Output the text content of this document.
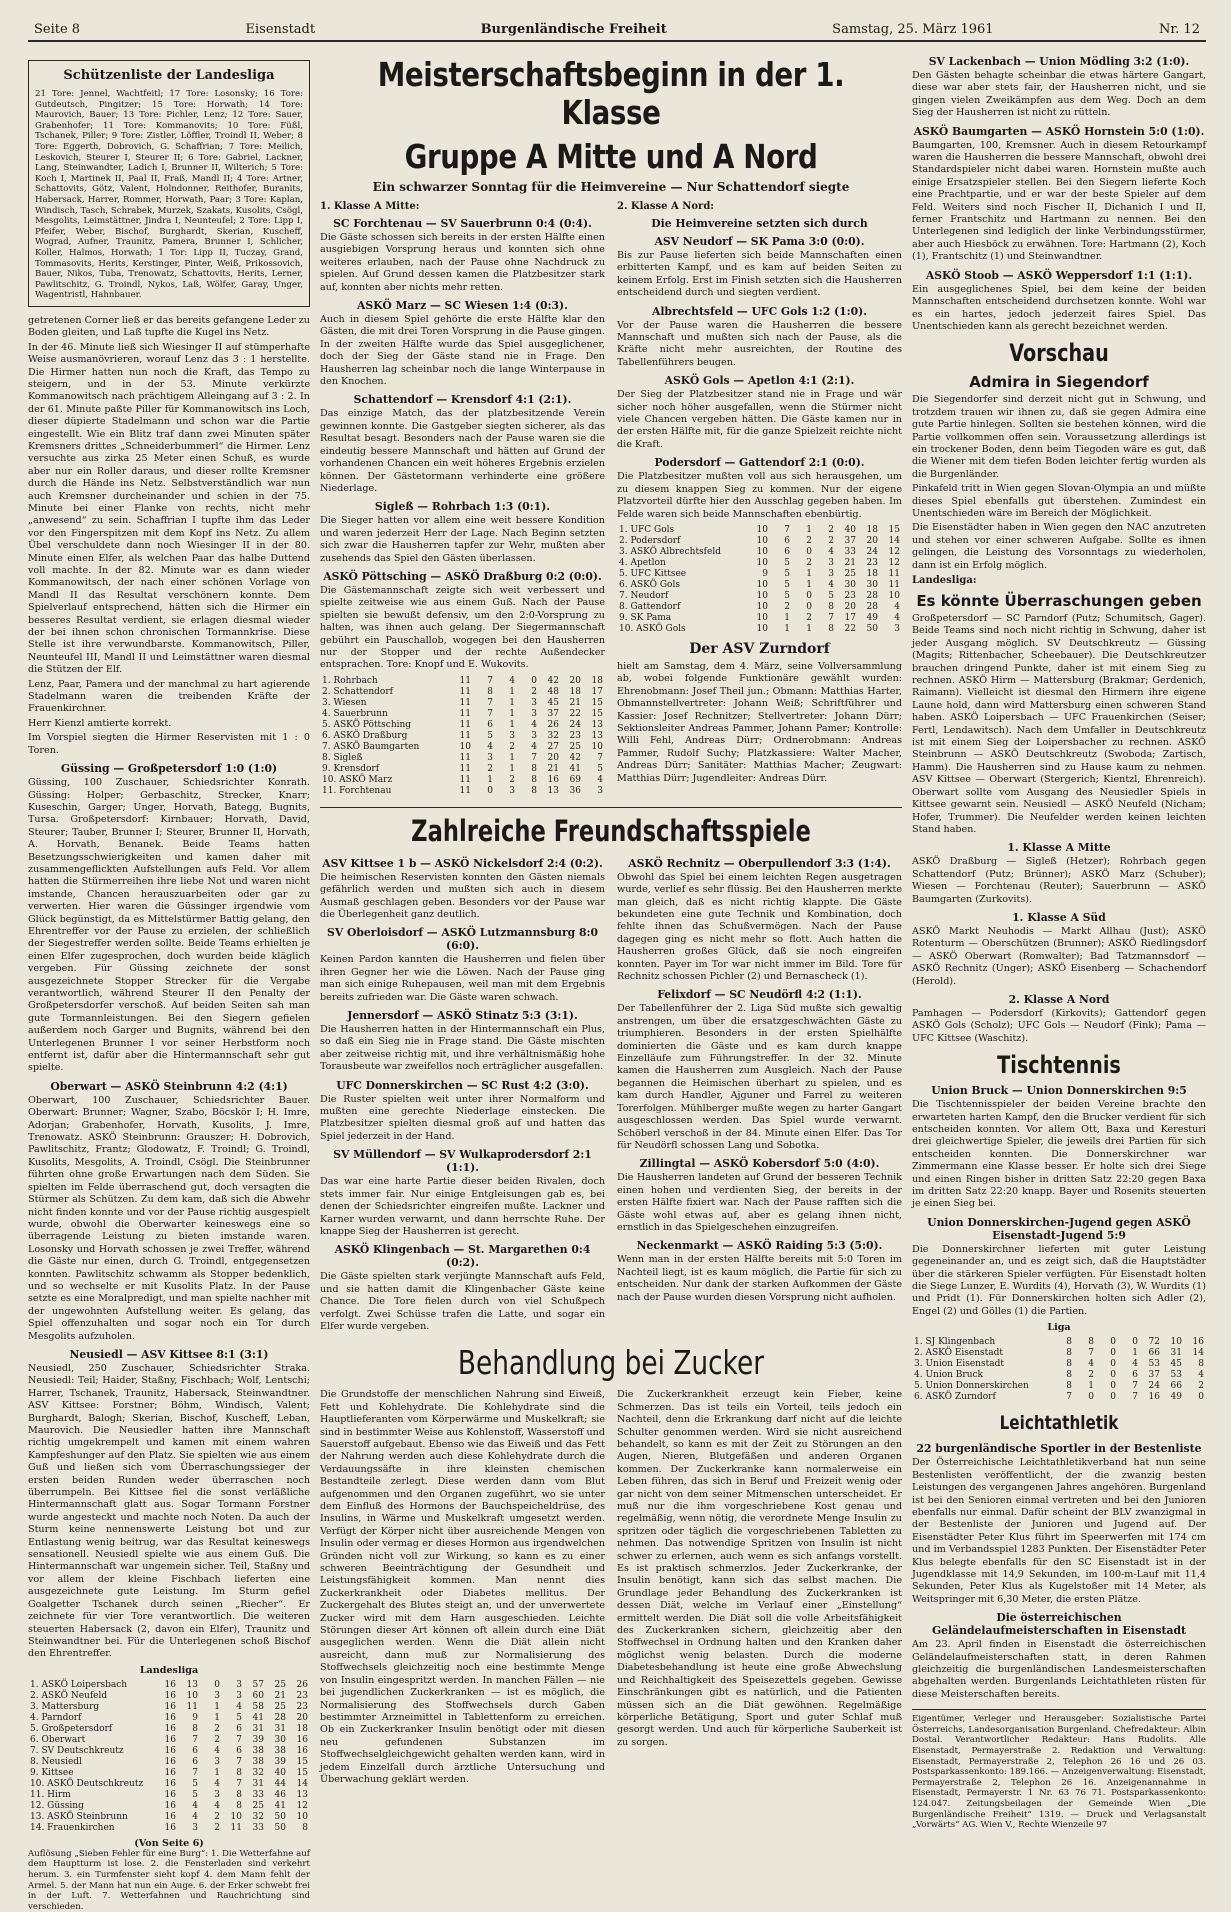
Seite 8	Eisenstadt	Burgenländische Freiheit	Samstag, 25. März 1961	Nr. 12
Schützenliste der Landesliga
21 Tore: Jennel, Wachtfeitl; 17 Tore: Losonsky; 16 Tore: Gutdeutsch, Pingitzer; 15 Tore: Horwath; 14 Tore: Maurovich, Bauer; 13 Tore: Pichler, Lenz; 12 Tore: Sauer, Grabenhofer; 11 Tore: Kommanovits; 10 Tore: Füßl, Tschanek, Piller; 9 Tore: Zistler, Löffler, Troindl II, Weber; 8 Tore: Eggerth, Dobrovich, G. Schaffrian; 7 Tore: Meilich, Leskovich, Steurer I, Steurer II; 6 Tore: Gabriel, Lackner, Lang, Steinwandter, Ladich I, Brunner II, Wilterich; 5 Tore: Koch I, Martinek II, Paal II, Fraß, Mandl II; 4 Tore: Artner, Schattovits, Götz, Valent, Holndonner, Reithofer, Buranits, Habersack, Harrer, Rommer, Horwath, Paar; 3 Tore: Kaplan, Windisch, Tasch, Schrabek, Murzek, Szakats, Kusolits, Csögl, Mesgolits, Leimstättner, Jindra I, Neunteufel; 2 Tore: Lipp I, Pfeifer, Weber, Bischof, Burghardt, Skerian, Kuscheff, Wograd, Aufner, Traunitz, Pamera, Brunner I, Schlicher, Koller, Halmos, Horwath; 1 Tor: Lipp II, Tuczay, Grand, Tommasovits, Herits, Kerstinger, Pinter, Weiß, Prikossovich, Bauer, Nikos, Tuba, Trenowatz, Schattovits, Herits, Lerner, Pawlitschitz, G. Troindl, Nykos, Laß, Wölfer, Garay, Unger, Wagentristl, Hahnbauer.

getretenen Corner ließ er das bereits gefangene Leder zu Boden gleiten, und Laß tupfte die Kugel ins Netz.

In der 46. Minute ließ sich Wiesinger II auf stümperhafte Weise ausmanövrieren, worauf Lenz das 3 : 1 herstellte. Die Hirmer hatten nun noch die Kraft, das Tempo zu steigern, und in der 53. Minute verkürzte Kommanowitsch nach prächtigem Alleingang auf 3 : 2. In der 61. Minute paßte Piller für Kommanowitsch ins Loch, dieser düpierte Stadelmann und schon war die Partie eingestellt. Wie ein Blitz traf dann zwei Minuten später Kremsners drittes „Schneiderbummerl“ die Hirmer. Lenz versuchte aus zirka 25 Meter einen Schuß, es wurde aber nur ein Roller daraus, und dieser rollte Kremsner durch die Hände ins Netz. Selbstverständlich war nun auch Kremsner durcheinander und schien in der 75. Minute bei einer Flanke von rechts, nicht mehr „anwesend“ zu sein. Schaffrian I tupfte ihm das Leder vor den Fingerspitzen mit dem Kopf ins Netz. Zu allem Übel verschuldete dann noch Wiesinger II in der 80. Minute einen Elfer, als welchen Paar das halbe Duttend voll machte. In der 82. Minute war es dann wieder Kommanowitsch, der nach einer schönen Vorlage von Mandl II das Resultat verschönern konnte. Dem Spielverlauf entsprechend, hätten sich die Hirmer ein besseres Resultat verdient, sie erlagen diesmal wieder der bei ihnen schon chronischen Tormannkrise. Diese Stelle ist ihre verwundbarste. Kommanowitsch, Piller, Neunteufel III, Mandl II und Leimstättner waren diesmal die Stützen der Elf.

Lenz, Paar, Pamera und der manchmal zu hart agierende Stadelmann waren die treibenden Kräfte der Frauenkirchner.

Herr Kienzl amtierte korrekt.

Im Vorspiel siegten die Hirmer Reservisten mit 1 : 0 Toren.

Güssing — Großpetersdorf 1:0 (1:0)

Güssing, 100 Zuschauer, Schiedsrichter Konrath. Güssing: Holper; Gerbaschitz, Strecker, Knarr; Kuseschin, Garger; Unger, Horvath, Bategg, Bugnits, Tursa. Großpetersdorf: Kirnbauer; Horvath, David, Steurer; Tauber, Brunner I; Steurer, Brunner II, Horvath, A. Horvath, Benanek. Beide Teams hatten Besetzungsschwierigkeiten und kamen daher mit zusammengeflickten Aufstellungen aufs Feld. Vor allem hatten die Stürmerreihen ihre liebe Not und waren nicht imstande, Chancen herauszuarbeiten oder gar zu verwerten. Hier waren die Güssinger irgendwie vom Glück begünstigt, da es Mittelstürmer Battig gelang, den Ehrentreffer vor der Pause zu erzielen, der schließlich der Siegestreffer werden sollte. Beide Teams erhielten je einen Elfer zugesprochen, doch wurden beide kläglich vergeben. Für Güssing zeichnete der sonst ausgezeichnete Stopper Strecker für die Vergabe verantwortlich, während Steurer II den Penalty der Großpetersdorfer verschoß. Auf beiden Seiten sah man gute Tormannleistungen. Bei den Siegern gefielen außerdem noch Garger und Bugnits, während bei den Unterlegenen Brunner I vor seiner Herbstform noch entfernt ist, dafür aber die Hintermannschaft sehr gut spielte.

Oberwart — ASKÖ Steinbrunn 4:2 (4:1)

Oberwart, 100 Zuschauer, Schiedsrichter Bauer. Oberwart: Brunner; Wagner, Szabo, Böcskör I; H. Imre, Adorjan; Grabenhofer, Horvath, Kusolits, J. Imre, Trenowatz. ASKÖ Steinbrunn: Grauszer; H. Dobrovich, Pawlitschitz, Frantz; Glodowatz, F. Troindl; G. Troindl, Kusolits, Mesgolits, A. Troindl, Csögl. Die Steinbrunner führten ohne große Erwartungen nach dem Süden. Sie spielten im Felde überraschend gut, doch versagten die Stürmer als Schützen. Zu dem kam, daß sich die Abwehr nicht finden konnte und vor der Pause richtig ausgespielt wurde, obwohl die Oberwarter keineswegs eine so überragende Leistung zu bieten imstande waren. Losonsky und Horvath schossen je zwei Treffer, während die Gäste nur einen, durch G. Troindl, entgegensetzen konnten. Pawlitschitz schwamm als Stopper bedenklich, und so wechselte er mit Kusolits Platz. In der Pause setzte es eine Moralpredigt, und man spielte nachher mit der ungewohnten Aufstellung weiter. Es gelang, das Spiel offenzuhalten und sogar noch ein Tor durch Mesgolits aufzuholen.

Neusiedl — ASV Kittsee 8:1 (3:1)

Neusiedl, 250 Zuschauer, Schiedsrichter Straka. Neusiedl: Teil; Haider, Staßny, Fischbach; Wolf, Lentschi; Harrer, Tschanek, Traunitz, Habersack, Steinwandtner. ASV Kittsee: Forstner; Böhm, Windisch, Valent; Burghardt, Balogh; Skerian, Bischof, Kuscheff, Leban, Maurovich. Die Neusiedler hatten ihre Mannschaft richtig umgekrempelt und kamen mit einem wahren Kampfeshunger auf den Platz. Sie spielten wie aus einem Guß und ließen sich vom Überraschungssieger der ersten beiden Runden weder überraschen noch überrumpeln. Bei Kittsee fiel die sonst verläßliche Hintermannschaft glatt aus. Sogar Tormann Forstner wurde angesteckt und machte noch Noten. Da auch der Sturm keine nennenswerte Leistung bot und zur Entlastung wenig beitrug, war das Resultat keineswegs sensationell. Neusiedl spielte wie aus einem Guß. Die Hintermannschaft war ungemein sicher. Teil, Staßny und vor allem der kleine Fischbach lieferten eine ausgezeichnete gute Leistung. Im Sturm gefiel Goalgetter Tschanek durch seinen „Riecher“. Er zeichnete für vier Tore verantwortlich. Die weiteren steuerten Habersack (2, davon ein Elfer), Traunitz und Steinwandtner bei. Für die Unterlegenen schoß Bischof den Ehrentreffer.

Landesliga
1. ASKÖ Loipersbach	16	13	0	3	57	25	26
2. ASKÖ Neufeld	16	10	3	3	60	21	23
3. Mattersburg	16	11	1	4	58	25	23
4. Parndorf	16	9	1	5	41	28	20
5. Großpetersdorf	16	8	2	6	31	31	18
6. Oberwart	16	7	2	7	39	30	16
7. SV Deutschkreutz	16	6	4	6	38	38	16
8. Neusiedl	16	6	3	7	38	39	15
9. Kittsee	16	7	1	8	32	40	15
10. ASKÖ Deutschkreutz	16	5	4	7	31	44	14
11. Hirm	16	5	3	8	33	46	13
12. Güssing	16	4	4	8	25	41	12
13. ASKÖ Steinbrunn	16	4	2	10	32	50	10
14. Frauenkirchen	16	3	2	11	33	50	8
(Von Seite 6)

Auflösung „Sieben Fehler für eine Burg“: 1. Die Wetterfahne auf dem Hauptturm ist lose. 2. die Fensterladen sind verkehrt herum. 3. ein Turmfenster sieht kopf 4. dem Mann fehlt der Armel. 5. der Mann hat nun ein Auge. 6. der Erker schwebt frei in der Luft. 7. Wetterfahnen und Rauchrichtung sind verschieden.

Meisterschaftsbeginn in der 1. Klasse
Gruppe A Mitte und A Nord
Ein schwarzer Sonntag für die Heimvereine — Nur Schattendorf siegte
1. Klasse A Mitte:
SC Forchtenau — SV Sauerbrunn 0:4 (0:4).

Die Gäste schossen sich bereits in der ersten Hälfte einen ausgiebigen Vorsprung heraus und konnten sich ohne weiteres erlauben, nach der Pause ohne Nachdruck zu spielen. Auf Grund dessen kamen die Platzbesitzer stark auf, konnten aber nichts mehr retten.

ASKÖ Marz — SC Wiesen 1:4 (0:3).

Auch in diesem Spiel gehörte die erste Hälfte klar den Gästen, die mit drei Toren Vorsprung in die Pause gingen. In der zweiten Hälfte wurde das Spiel ausgeglichener, doch der Sieg der Gäste stand nie in Frage. Den Hausherren lag scheinbar noch die lange Winterpause in den Knochen.

Schattendorf — Krensdorf 4:1 (2:1).

Das einzige Match, das der platzbesitzende Verein gewinnen konnte. Die Gastgeber siegten sicherer, als das Resultat besagt. Besonders nach der Pause waren sie die eindeutig bessere Mannschaft und hätten auf Grund der vorhandenen Chancen ein weit höheres Ergebnis erzielen können. Der Gästetormann verhinderte eine größere Niederlage.

Sigleß — Rohrbach 1:3 (0:1).

Die Sieger hatten vor allem eine weit bessere Kondition und waren jederzeit Herr der Lage. Nach Beginn setzten sich zwar die Hausherren tapfer zur Wehr, mußten aber zusehends das Spiel den Gästen überlassen.

ASKÖ Pöttsching — ASKÖ Draßburg 0:2 (0:0).

Die Gästemannschaft zeigte sich weit verbessert und spielte zeitweise wie aus einem Guß. Nach der Pause spielten sie bewußt defensiv, um den 2:0-Vorsprung zu halten, was ihnen auch gelang. Der Siegermannschaft gebührt ein Pauschallob, wogegen bei den Hausherren nur der Stopper und der rechte Außendecker entsprachen. Tore: Knopf und E. Wukovits.

1. Rohrbach	11	7	4	0	42	20	18
2. Schattendorf	11	8	1	2	48	18	17
3. Wiesen	11	7	1	3	45	21	15
4. Sauerbrunn	11	7	1	3	37	22	15
5. ASKÖ Pöttsching	11	6	1	4	26	24	13
6. ASKÖ Draßburg	11	5	3	3	32	23	13
7. ASKÖ Baumgarten	10	4	2	4	27	25	10
8. Sigleß	11	3	1	7	20	42	7
9. Krensdorf	11	2	1	8	21	41	5
10. ASKÖ Marz	11	1	2	8	16	69	4
11. Forchtenau	11	0	3	8	13	36	3
2. Klasse A Nord:
Die Heimvereine setzten sich durch
ASV Neudorf — SK Pama 3:0 (0:0).

Bis zur Pause lieferten sich beide Mannschaften einen erbitterten Kampf, und es kam auf beiden Seiten zu keinem Erfolg. Erst im Finish setzten sich die Hausherren entscheidend durch und siegten verdient.

Albrechtsfeld — UFC Gols 1:2 (1:0).

Vor der Pause waren die Hausherren die bessere Mannschaft und mußten sich nach der Pause, als die Kräfte nicht mehr ausreichten, der Routine des Tabellenführers beugen.

ASKÖ Gols — Apetlon 4:1 (2:1).

Der Sieg der Platzbesitzer stand nie in Frage und wär sicher noch höher ausgefallen, wenn die Stürmer nicht viele Chancen vergeben hätten. Die Gäste kamen nur in der ersten Hälfte mit, für die ganze Spielzeit reichte nicht die Kraft.

Podersdorf — Gattendorf 2:1 (0:0).

Die Platzbesitzer mußten voll aus sich herausgehen, um zu diesem knappen Sieg zu kommen. Nur der eigene Platzvorteil dürfte hier den Ausschlag gegeben haben. Im Felde waren sich beide Mannschaften ebenbürtig.

1. UFC Gols	10	7	1	2	40	18	15
2. Podersdorf	10	6	2	2	37	20	14
3. ASKÖ Albrechtsfeld	10	6	0	4	33	24	12
4. Apetlon	10	5	2	3	21	23	12
5. UFC Kittsee	9	5	1	3	25	18	11
6. ASKÖ Gols	10	5	1	4	30	30	11
7. Neudorf	10	5	0	5	23	28	10
8. Gattendorf	10	2	0	8	20	28	4
9. SK Pama	10	1	2	7	17	49	4
10. ASKÖ Gols	10	1	1	8	22	50	3
Der ASV Zurndorf

hielt am Samstag, dem 4. März, seine Vollversammlung ab, wobei folgende Funktionäre gewählt wurden: Ehrenobmann: Josef Theil jun.; Obmann: Matthias Harter, Obmannstellvertreter: Johann Weiß; Schriftführer und Kassier: Josef Rechnitzer; Stellvertreter: Johann Dürr; Sektionsleiter Andreas Pammer, Johann Pamer; Kontrolle: Willi Fehl, Andreas Dürr; Ordnerobmann: Andreas Pammer, Rudolf Suchy; Platzkassiere: Walter Macher, Andreas Dürr; Sanitäter: Matthias Macher; Zeugwart: Matthias Dürr; Jugendleiter: Andreas Dürr.

Zahlreiche Freundschaftsspiele
ASV Kittsee 1 b — ASKÖ Nickelsdorf 2:4 (0:2).

Die heimischen Reservisten konnten den Gästen niemals gefährlich werden und mußten sich auch in diesem Ausmaß geschlagen geben. Besonders vor der Pause war die Überlegenheit ganz deutlich.

SV Oberloisdorf — ASKÖ Lutzmannsburg 8:0 (6:0).

Keinen Pardon kannten die Hausherren und fielen über ihren Gegner her wie die Löwen. Nach der Pause ging man sich einige Ruhepausen, weil man mit dem Ergebnis bereits zufrieden war. Die Gäste waren schwach.

Jennersdorf — ASKÖ Stinatz 5:3 (3:1).

Die Hausherren hatten in der Hintermannschaft ein Plus, so daß ein Sieg nie in Frage stand. Die Gäste mischten aber zeitweise richtig mit, und ihre verhältnismäßig hohe Torausbeute war zweifellos noch erträglicher ausgefallen.

UFC Donnerskirchen — SC Rust 4:2 (3:0).

Die Ruster spielten weit unter ihrer Normalform und mußten eine gerechte Niederlage einstecken. Die Platzbesitzer spielten diesmal groß auf und hatten das Spiel jederzeit in der Hand.

SV Müllendorf — SV Wulkaprodersdorf 2:1 (1:1).

Das war eine harte Partie dieser beiden Rivalen, doch stets immer fair. Nur einige Entgleisungen gab es, bei denen der Schiedsrichter eingreifen mußte. Lackner und Karner wurden verwarnt, und dann herrschte Ruhe. Der knappe Sieg der Hausherren ist gerecht.

ASKÖ Klingenbach — St. Margarethen 0:4 (0:2).

Die Gäste spielten stark verjüngte Mannschaft aufs Feld, und sie hatten damit die Klingenbacher Gäste keine Chance. Die Tore fielen durch von viel Schußpech verfolgt. Zwei Schüsse trafen die Latte, und sogar ein Elfer wurde vergeben.

ASKÖ Rechnitz — Oberpullendorf 3:3 (1:4).

Obwohl das Spiel bei einem leichten Regen ausgetragen wurde, verlief es sehr flüssig. Bei den Hausherren merkte man gleich, daß es nicht richtig klappte. Die Gäste bekundeten eine gute Technik und Kombination, doch fehlte ihnen das Schußvermögen. Nach der Pause dagegen ging es nicht mehr so flott. Auch hatten die Hausherren großes Glück, daß sie noch eingreifen konnten. Payer im Tor war nicht immer im Bild. Tore für Rechnitz schossen Pichler (2) und Bernascheck (1).

Felixdorf — SC Neudörfl 4:2 (1:1).

Der Tabellenführer der 2. Liga Süd mußte sich gewaltig anstrengen, um über die ersatzgeschwächten Gäste zu triumphieren. Besonders in der ersten Spielhälfte dominierten die Gäste und es kam durch knappe Einzelläufe zum Führungstreffer. In der 32. Minute kamen die Hausherren zum Ausgleich. Nach der Pause begannen die Heimischen überhart zu spielen, und es kam durch Handler, Ajguner und Farrel zu weiteren Torerfolgen. Mühlberger mußte wegen zu harter Gangart ausgeschlossen werden. Das Spiel wurde verwarnt. Schöberl verschoß in der 84. Minute einen Elfer. Das Tor für Neudörfl schossen Lang und Sobotka.

Zillingtal — ASKÖ Kobersdorf 5:0 (4:0).

Die Hausherren landeten auf Grund der besseren Technik einen hohen und verdienten Sieg, der bereits in der ersten Hälfte fixiert war. Nach der Pause rafften sich die Gäste wohl etwas auf, aber es gelang ihnen nicht, ernstlich in das Spielgeschehen einzugreifen.

Neckenmarkt — ASKÖ Raiding 5:3 (5:0).

Wenn man in der ersten Hälfte bereits mit 5:0 Toren im Nachteil liegt, ist es kaum möglich, die Partie für sich zu entscheiden. Nur dank der starken Aufkommen der Gäste nach der Pause wurden diesen Vorsprung nicht aufholen.

Behandlung bei Zucker

Die Grundstoffe der menschlichen Nahrung sind Eiweiß, Fett und Kohlehydrate. Die Kohlehydrate sind die Hauptlieferanten vom Körperwärme und Muskelkraft; sie sind in bestimmter Weise aus Kohlenstoff, Wasserstoff und Sauerstoff aufgebaut. Ebenso wie das Eiweiß und das Fett der Nahrung werden auch diese Kohlehydrate durch die Verdauungssäfte in ihre kleinsten chemischen Bestandteile zerlegt. Diese werden dann vom Blut aufgenommen und den Organen zugeführt, wo sie unter dem Einfluß des Hormons der Bauchspeicheldrüse, des Insulins, in Wärme und Muskelkraft umgesetzt werden. Verfügt der Körper nicht über ausreichende Mengen von Insulin oder vermag er dieses Hormon aus irgendwelchen Gründen nicht voll zur Wirkung, so kann es zu einer schweren Beeinträchtigung der Gesundheit und Leistungsfähigkeit kommen. Man nennt dies Zuckerkrankheit oder Diabetes mellitus. Der Zuckergehalt des Blutes steigt an, und der unverwertete Zucker wird mit dem Harn ausgeschieden. Leichte Störungen dieser Art können oft allein durch eine Diät ausgeglichen werden. Wenn die Diät allein nicht ausreicht, dann muß zur Normalisierung des Stoffwechsels gleichzeitig noch eine bestimmte Menge von Insulin eingespritzt werden. In manchen Fällen — nie bei jugendlichen Zuckerkranken — ist es möglich, die Normalisierung des Stoffwechsels durch Gaben bestimmter Arzneimittel in Tablettenform zu erreichen. Ob ein Zuckerkranker Insulin benötigt oder mit diesen neu gefundenen Substanzen im Stoffwechselgleichgewicht gehalten werden kann, wird in jedem Einzelfall durch ärztliche Untersuchung und Überwachung geklärt werden.

Die Zuckerkrankheit erzeugt kein Fieber, keine Schmerzen. Das ist teils ein Vorteil, teils jedoch ein Nachteil, denn die Erkrankung darf nicht auf die leichte Schulter genommen werden. Wird sie nicht ausreichend behandelt, so kann es mit der Zeit zu Störungen an den Augen, Nieren, Blutgefäßen und anderen Organen kommen. Der Zuckerkranke kann normalerweise ein Leben führen, das sich in Beruf und Freizeit wenig oder gar nicht von dem seiner Mitmenschen unterscheidet. Er muß nur die ihm vorgeschriebene Kost genau und regelmäßig, wenn nötig, die verordnete Menge Insulin zu spritzen oder täglich die vorgeschriebenen Tabletten zu nehmen. Das notwendige Spritzen von Insulin ist nicht schwer zu erlernen, auch wenn es sich anfangs vorstellt. Es ist praktisch schmerzlos. Jeder Zuckerkranke, der Insulin benötigt, kann sich das selbst machen. Die Grundlage jeder Behandlung des Zuckerkranken ist dessen Diät, welche im Verlauf einer „Einstellung“ ermittelt werden. Die Diät soll die volle Arbeitsfähigkeit des Zuckerkranken sichern, gleichzeitig aber den Stoffwechsel in Ordnung halten und den Kranken daher möglichst wenig belasten. Durch die moderne Diabetesbehandlung ist heute eine große Abwechslung und Reichhaltigkeit des Speisezettels gegeben. Gewisse Einschränkungen gibt es natürlich, und die Patienten müssen sich an die Diät gewöhnen. Regelmäßige körperliche Betätigung, Sport und guter Schlaf muß gesorgt werden. Und auch für körperliche Sauberkeit ist zu sorgen.

SV Lackenbach — Union Mödling 3:2 (1:0).

Den Gästen behagte scheinbar die etwas härtere Gangart, diese war aber stets fair, der Hausherren nicht, und sie gingen vielen Zweikämpfen aus dem Weg. Doch an dem Sieg der Hausherren ist nicht zu rütteln.

ASKÖ Baumgarten — ASKÖ Hornstein 5:0 (1:0).

Baumgarten, 100, Kremsner. Auch in diesem Retourkampf waren die Hausherren die bessere Mannschaft, obwohl drei Standardspieler nicht dabei waren. Hornstein mußte auch einige Ersatzspieler stellen. Bei den Siegern lieferte Koch eine Prachtpartie, und er war der beste Spieler auf dem Feld. Weiters sind noch Fischer II, Dichanich I und II, ferner Frantschitz und Hartmann zu nennen. Bei den Unterlegenen sind lediglich der linke Verbindungsstürmer, aber auch Hiesböck zu erwähnen. Tore: Hartmann (2), Koch (1), Frantschitz (1) und Steinwandtner.

ASKÖ Stoob — ASKÖ Weppersdorf 1:1 (1:1).

Ein ausgeglichenes Spiel, bei dem keine der beiden Mannschaften entscheidend durchsetzen konnte. Wohl war es ein hartes, jedoch jederzeit faires Spiel. Das Unentschieden kann als gerecht bezeichnet werden.

Vorschau
Admira in Siegendorf

Die Siegendorfer sind derzeit nicht gut in Schwung, und trotzdem trauen wir ihnen zu, daß sie gegen Admira eine gute Partie hinlegen. Sollten sie bestehen können, wird die Partie vollkommen offen sein. Voraussetzung allerdings ist ein trockener Boden, denn beim Tiegoden wäre es gut, daß die Wiener mit dem tiefen Boden leichter fertig wurden als die Burgenländer.

Pinkafeld tritt in Wien gegen Slovan-Olympia an und müßte dieses Spiel ebenfalls gut überstehen. Zumindest ein Unentschieden wäre im Bereich der Möglichkeit.

Die Eisenstädter haben in Wien gegen den NAC anzutreten und stehen vor einer schweren Aufgabe. Sollte es ihnen gelingen, die Leistung des Vorsonntags zu wiederholen, dann ist ein Erfolg möglich.

Landesliga:
Es könnte Überraschungen geben

Großpetersdorf — SC Parndorf (Putz; Schumitsch, Gager). Beide Teams sind noch nicht richtig in Schwung, daher ist jeder Ausgang möglich. SV Deutschkreutz — Güssing (Magits; Rittenbacher, Scheebauer). Die Deutschkreutzer brauchen dringend Punkte, daher ist mit einem Sieg zu rechnen. ASKÖ Hirm — Mattersburg (Brakmar; Gerdenich, Raimann). Vielleicht ist diesmal den Hirmern ihre eigene Laune hold, dann wird Mattersburg einen schweren Stand haben. ASKÖ Loipersbach — UFC Frauenkirchen (Seiser; Fertl, Lendawitsch). Nach dem Umfaller in Deutschkreutz ist mit einem Sieg der Loipersbacher zu rechnen. ASKÖ Steinbrunn — ASKÖ Deutschkreutz (Swoboda; Zartisch, Hamm). Die Hausherren sind zu Hause kaum zu nehmen. ASV Kittsee — Oberwart (Stergerich; Kientzl, Ehrenreich). Oberwart sollte vom Ausgang des Neusiedler Spiels in Kittsee gewarnt sein. Neusiedl — ASKÖ Neufeld (Nicham; Hofer, Trummer). Die Neufelder werden keinen leichten Stand haben.

1. Klasse A Mitte

ASKÖ Draßburg — Sigleß (Hetzer); Rohrbach gegen Schattendorf (Putz; Brünner); ASKÖ Marz (Schuber); Wiesen — Forchtenau (Reuter); Sauerbrunn — ASKÖ Baumgarten (Zurkovits).

1. Klasse A Süd

ASKÖ Markt Neuhodis — Markt Allhau (Just); ASKÖ Rotenturm — Oberschützen (Brunner); ASKÖ Riedlingsdorf — ASKÖ Oberwart (Romwalter); Bad Tatzmannsdorf — ASKÖ Rechnitz (Unger); ASKÖ Eisenberg — Schachendorf (Herold).

2. Klasse A Nord

Pamhagen — Podersdorf (Kirkovits); Gattendorf gegen ASKÖ Gols (Scholz); UFC Gols — Neudorf (Fink); Pama — UFC Kittsee (Waschitz).

Tischtennis
Union Bruck — Union Donnerskirchen 9:5

Die Tischtennisspieler der beiden Vereine brachte den erwarteten harten Kampf, den die Brucker verdient für sich entscheiden konnten. Vor allem Ott, Baxa und Keresturi drei gleichwertige Spieler, die jeweils drei Partien für sich entscheiden konnten. Die Donnerskirchner war Zimmermann eine Klasse besser. Er holte sich drei Siege und einen Ringen bisher in dritten Satz 22:20 gegen Baxa im dritten Satz 22:20 knapp. Bayer und Rosenits steuerten je einen Sieg bei.

Union Donnerskirchen-Jugend gegen ASKÖ Eisenstadt-Jugend 5:9

Die Donnerskirchner lieferten mit guter Leistung gegeneinander an, und es zeigt sich, daß die Hauptstädter über die stärkeren Spieler verfügten. Für Eisenstadt holten die Siege Lunzer, E. Wurdits (4), Horvath (3), W. Wurdits (1) und Pridt (1). Für Donnerskirchen holten sich Adler (2), Engel (2) und Gölles (1) die Partien.

Liga
1. SJ Klingenbach	8	8	0	0	72	10	16
2. ASKÖ Eisenstadt	8	7	0	1	66	31	14
3. Union Eisenstadt	8	4	0	4	53	45	8
4. Union Bruck	8	2	0	6	37	53	4
5. Union Donnerskirchen	8	1	0	7	24	66	2
6. ASKÖ Zurndorf	7	0	0	7	16	49	0
Leichtathletik
22 burgenländische Sportler in der Bestenliste

Der Österreichische Leichtathletikverband hat nun seine Bestenlisten veröffentlicht, der die zwanzig besten Leistungen des vergangenen Jahres angehören. Burgenland ist bei den Senioren einmal vertreten und bei den Junioren ebenfalls nur einmal. Dafür scheint der BLV zwanzigmal in der Bestenliste der Junioren und Jugend auf. Der Eisenstädter Peter Klus führt im Speerwerfen mit 174 cm und im Verbandsspiel 1283 Punkten. Der Eisenstädter Peter Klus belegte ebenfalls für den SC Eisenstadt ist in der Jugendklasse mit 14,9 Sekunden, im 100-m-Lauf mit 11,4 Sekunden, Peter Klus als Kugelstoßer mit 14 Meter, als Weitspringer mit 6,30 Meter, die ersten Plätze.

Die österreichischen Geländelaufmeisterschaften in Eisenstadt

Am 23. April finden in Eisenstadt die österreichischen Geländelaufmeisterschaften statt, in deren Rahmen gleichzeitig die burgenländischen Landesmeisterschaften abgehalten werden. Burgenlands Leichtathleten rüsten für diese Meisterschaften bereits.

Eigentümer, Verleger und Herausgeber: Sozialistische Partei Österreichs, Landesorganisation Burgenland. Chefredakteur: Albin Dostal. Verantwortlicher Redakteur: Hans Rudolits. Alle Eisenstadt, Permayerstraße 2. Redaktion und Verwaltung: Eisenstadt, Permayerstraße 2, Telephon 26 16 und 26 03. Postsparkassenkonto: 189.166. — Anzeigenverwaltung: Eisenstadt, Permayerstraße 2, Telephon 26 16. Anzeigenannahme in Eisenstadt, Permayerstr. 1 Nr. 63 76 71. Postsparkassenkonto: 124.047. Zeitungsbeilagen der Gemeinde Wien „Die Burgenländische Freiheit“ 1319. — Druck und Verlagsanstalt „Vorwärts“ AG. Wien V., Rechte Wienzeile 97
